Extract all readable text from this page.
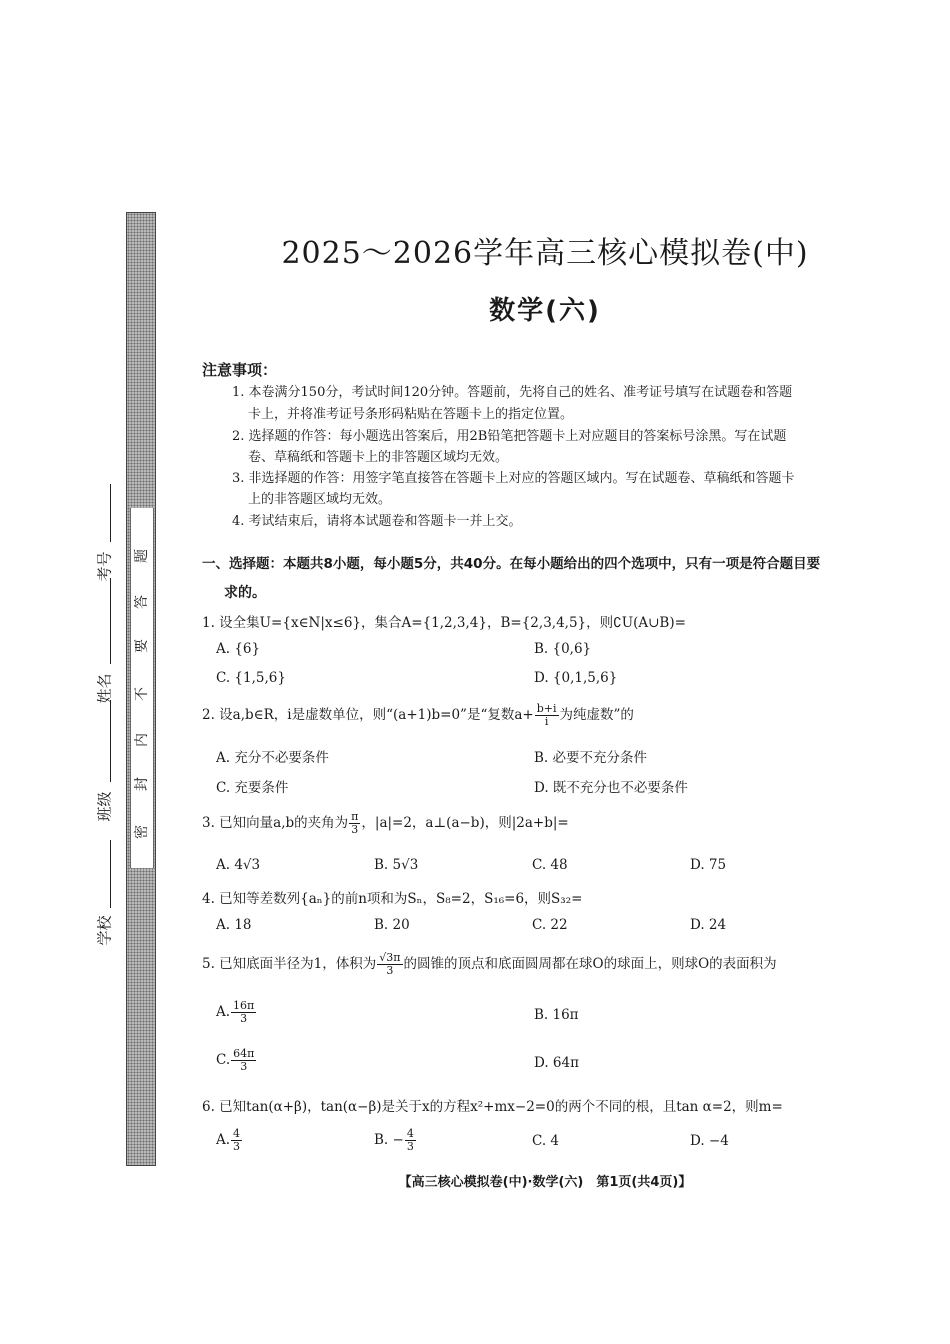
密
封
内
不
要
答
题
学校
班级
姓名
考号
2025～2026学年高三核心模拟卷(中)
数学(六)
注意事项：
1. 本卷满分150分，考试时间120分钟。答题前，先将自己的姓名、准考证号填写在试题卷和答题
卡上，并将准考证号条形码粘贴在答题卡上的指定位置。
2. 选择题的作答：每小题选出答案后，用2B铅笔把答题卡上对应题目的答案标号涂黑。写在试题
卷、草稿纸和答题卡上的非答题区域均无效。
3. 非选择题的作答：用签字笔直接答在答题卡上对应的答题区域内。写在试题卷、草稿纸和答题卡
上的非答题区域均无效。
4. 考试结束后，请将本试题卷和答题卡一并上交。
一、选择题：本题共8小题，每小题5分，共40分。在每小题给出的四个选项中，只有一项是符合题目要
求的。
1. 设全集U={x∈N|x≤6}，集合A={1,2,3,4}，B={2,3,4,5}，则∁U(A∪B)=
A. {6}	B. {0,6}
C. {1,5,6}	D. {0,1,5,6}
2. 设a,b∈R，i是虚数单位，则“(a+1)b=0”是“复数$a+ \frac{b+i}{i}$ 为纯虚数”的
A. 充分不必要条件	B. 必要不充分条件
C. 充要条件	D. 既不充分也不必要条件
3. 已知向量a,b的夹角为 $\frac{\pi}{3}$ ，|a|=2，a⊥(a−b)，则|2a+b|=
A. 4√3	B. 5√3	C. 48	D. 75
4. 已知等差数列{aₙ}的前n项和为Sₙ，S₈=2，S₁₆=6，则S₃₂=
A. 18	B. 20	C. 22	D. 24
5. 已知底面半径为1，体积为 $\frac{√3\pi}{3}$ 的圆锥的顶点和底面圆周都在球O的球面上，则球O的表面积为
A. $\frac{16\pi}{3}$	B. 16π
C. $\frac{64\pi}{3}$	D. 64π
6. 已知tan(α+β)，tan(α−β)是关于x的方程x²+mx−2=0的两个不同的根，且tan α=2，则m=
A. $\frac{4}{3}$	B. − $\frac{4}{3}$	C. 4	D. −4
【高三核心模拟卷(中)·数学(六)　第1页(共4页)】
